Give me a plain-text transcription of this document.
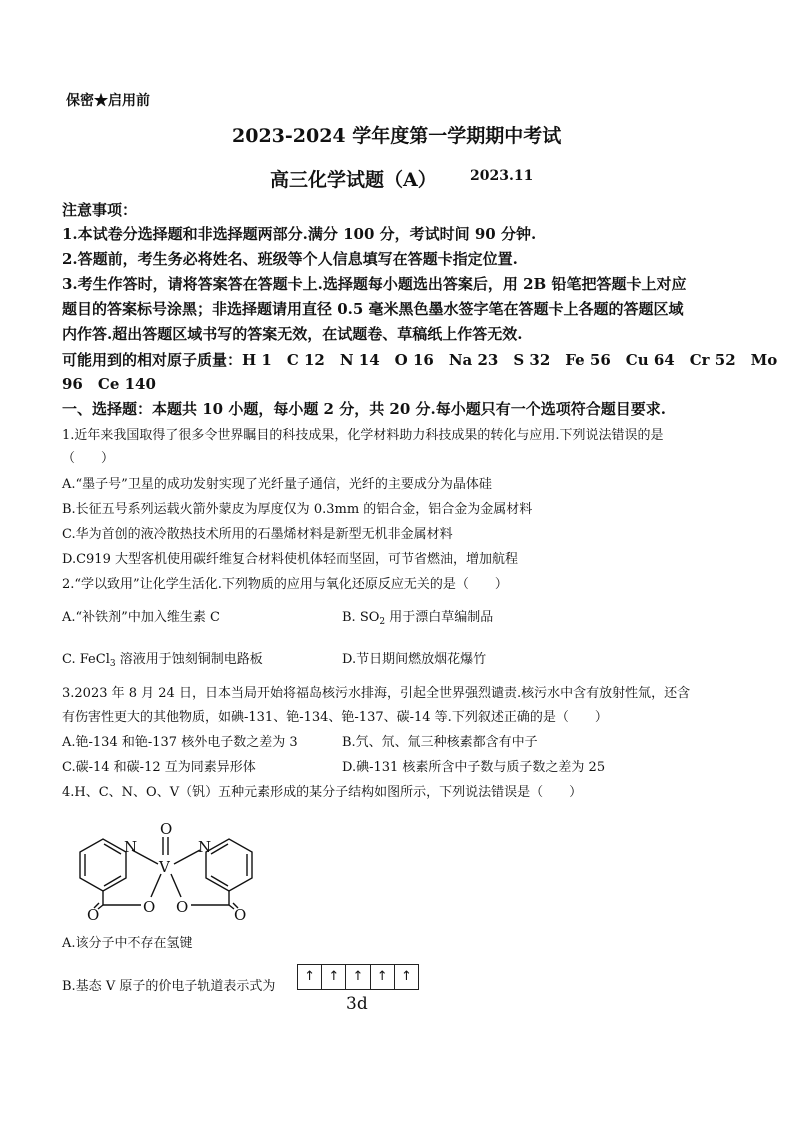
保密★启用前
2023-2024 学年度第一学期期中考试
高三化学试题（A） 2023.11
注意事项：
1.本试卷分选择题和非选择题两部分.满分 100 分，考试时间 90 分钟.
2.答题前，考生务必将姓名、班级等个人信息填写在答题卡指定位置.
3.考生作答时，请将答案答在答题卡上.选择题每小题选出答案后，用 2B 铅笔把答题卡上对应
题目的答案标号涂黑；非选择题请用直径 0.5 毫米黑色墨水签字笔在答题卡上各题的答题区域
内作答.超出答题区域书写的答案无效，在试题卷、草稿纸上作答无效.
可能用到的相对原子质量：H 1　C 12　N 14　O 16　Na 23　S 32　Fe 56　Cu 64　Cr 52　Mo
96　Ce 140
一、选择题：本题共 10 小题，每小题 2 分，共 20 分.每小题只有一个选项符合题目要求.
1.近年来我国取得了很多令世界瞩目的科技成果，化学材料助力科技成果的转化与应用.下列说法错误的是
（　　）
A.“墨子号”卫星的成功发射实现了光纤量子通信，光纤的主要成分为晶体硅
B.长征五号系列运载火箭外蒙皮为厚度仅为 0.3mm 的铝合金，铝合金为金属材料
C.华为首创的液冷散热技术所用的石墨烯材料是新型无机非金属材料
D.C919 大型客机使用碳纤维复合材料使机体轻而坚固，可节省燃油，增加航程
2.“学以致用”让化学生活化.下列物质的应用与氧化还原反应无关的是（　　）
A.“补铁剂”中加入维生素 C	B. $SO_2$ 用于漂白草编制品
C. FeCl$_3$ 溶液用于蚀刻铜制电路板	D.节日期间燃放烟花爆竹
3.2023 年 8 月 24 日，日本当局开始将福岛核污水排海，引起全世界强烈谴责.核污水中含有放射性氚，还含
有伤害性更大的其他物质，如碘-131、铯-134、铯-137、碳-14 等.下列叙述正确的是（　　）
A.铯-134 和铯-137 核外电子数之差为 3	B.氕、氘、氚三种核素都含有中子
C.碳-14 和碳-12 互为同素异形体	D.碘-131 核素所含中子数与质子数之差为 25
4.H、C、N、O、V（钒）五种元素形成的某分子结构如图所示，下列说法错误是（　　）
N
V
O
O O
O	O
N
A.该分子中不存在氢键
B.基态 V 原子的价电子轨道表示式为
↑	↑	↑	↑	↑
3d
